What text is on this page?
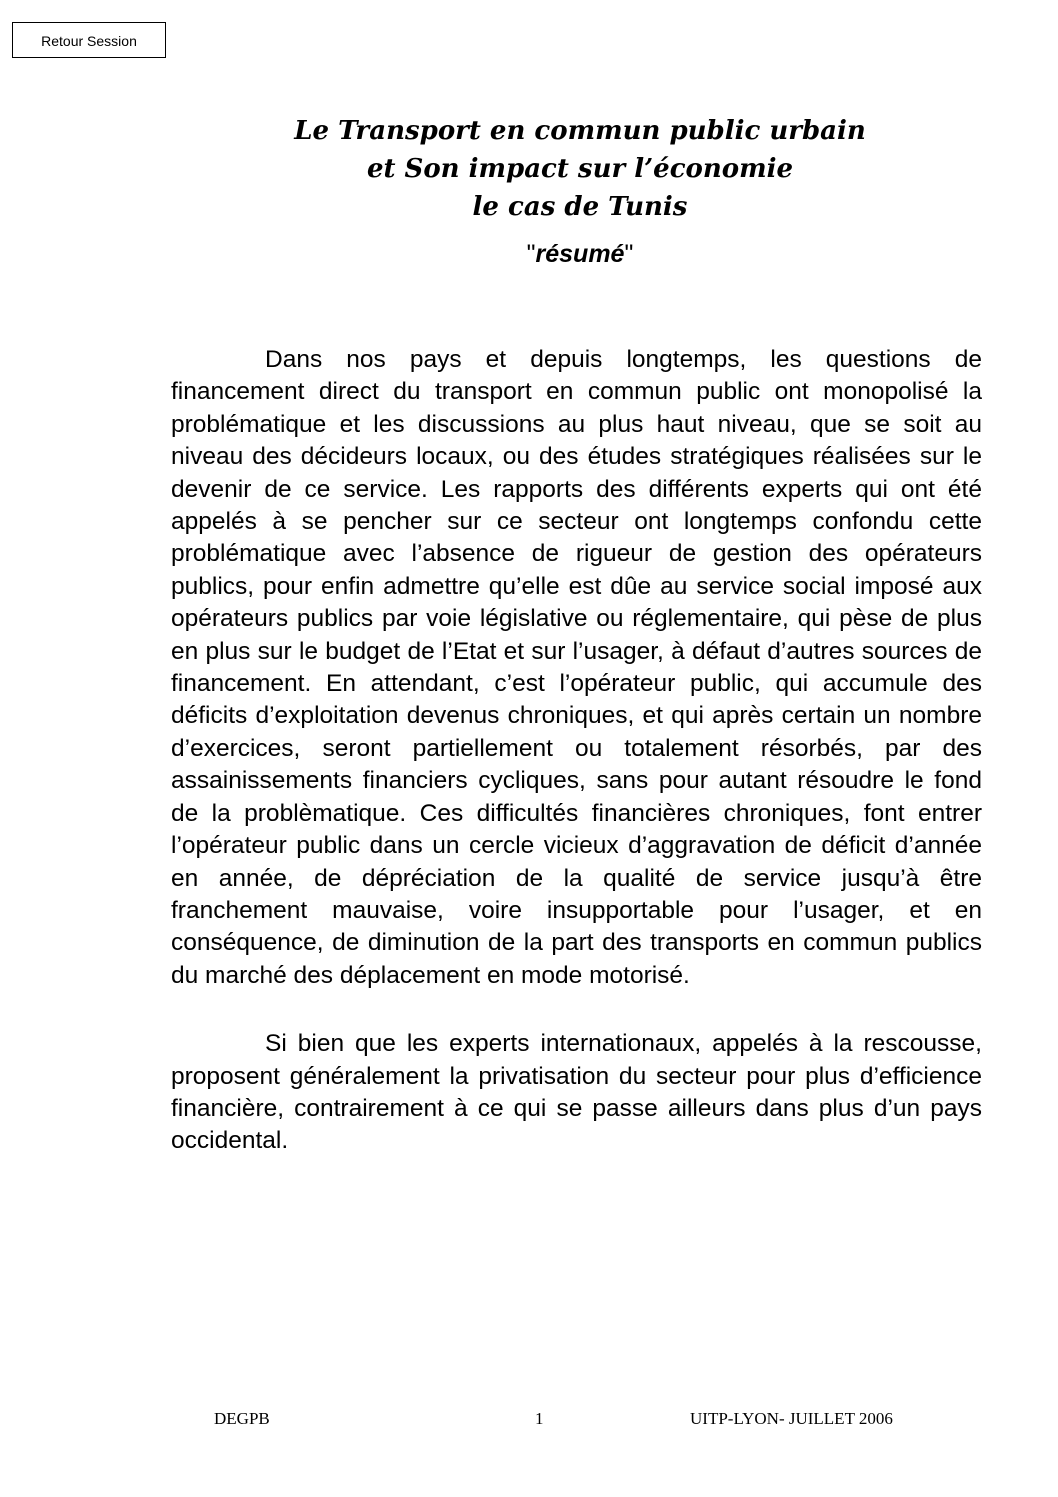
Retour Session
Le Transport en commun public urbain
et Son impact sur l’économie
le cas de Tunis
"résumé"

Dans nos pays et depuis longtemps, les questions de financement direct du transport en commun public ont monopolisé la problématique et les discussions au plus haut niveau, que se soit au niveau des décideurs locaux, ou des études stratégiques réalisées sur le devenir de ce service. Les rapports des différents experts qui ont été appelés à se pencher sur ce secteur ont longtemps confondu cette problématique avec l’absence de rigueur de gestion des opérateurs publics, pour enfin admettre qu’elle est dûe au service social imposé aux opérateurs publics par voie législative ou réglementaire, qui pèse de plus en plus sur le budget de l’Etat et sur l’usager, à défaut d’autres sources de financement. En attendant, c’est l’opérateur public, qui accumule des déficits d’exploitation devenus chroniques, et qui après certain un nombre d’exercices, seront partiellement ou totalement résorbés, par des assainissements financiers cycliques, sans pour autant résoudre le fond de la problèmatique. Ces difficultés financières chroniques, font entrer l’opérateur public dans un cercle vicieux d’aggravation de déficit d’année en année, de dépréciation de la qualité de service jusqu’à être franchement mauvaise, voire insupportable pour l’usager, et en conséquence, de diminution de la part des transports en commun publics du marché des déplacement en mode motorisé.

Si bien que les experts internationaux, appelés à la rescousse, proposent généralement la privatisation du secteur pour plus d’efficience financière, contrairement à ce qui se passe ailleurs dans plus d’un pays occidental.

DEGPB	1	UITP-LYON- JUILLET 2006
